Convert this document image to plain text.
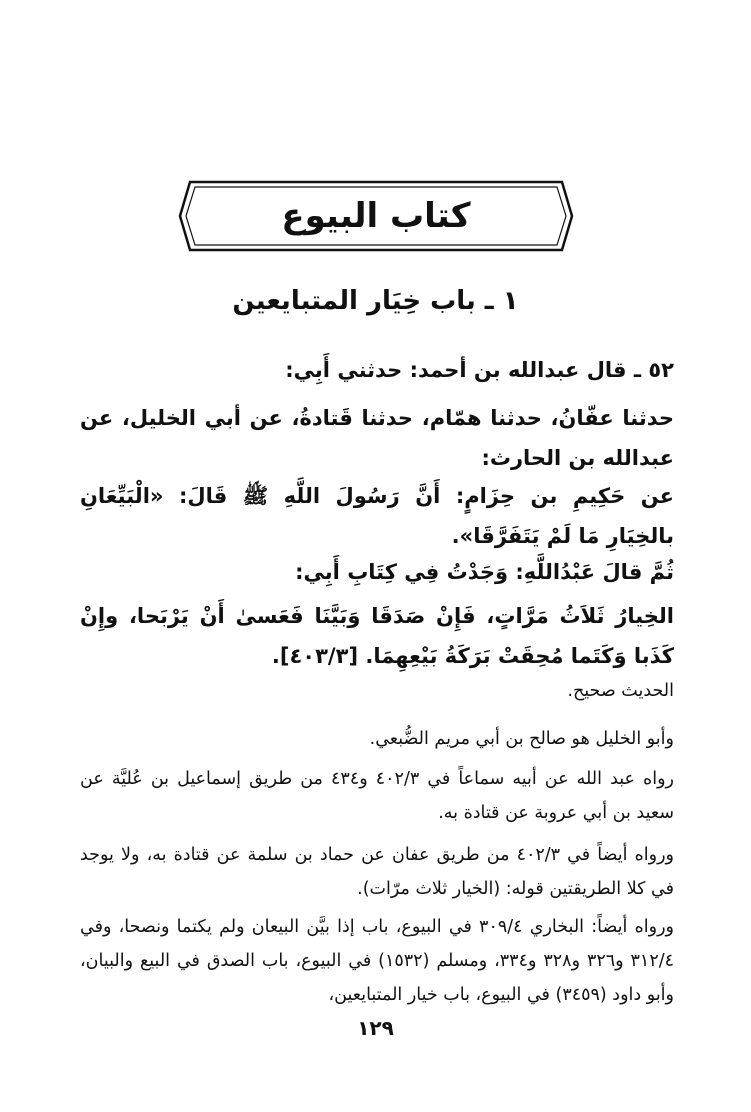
كتاب البيوع
١ ـ باب خِيَار المتبايعين
٥٢ ـ قال عبدالله بن أحمد: حدثني أَبِي:
حدثنا عفّانُ، حدثنا همّام، حدثنا قَتادةُ، عن أبي الخليل، عن عبدالله بن الحارث:
عن حَكِيمِ بن حِزَامٍ: أَنَّ رَسُولَ اللَّهِ ﷺ قَالَ: «الْبَيِّعَانِ بالخِيَارِ مَا لَمْ يَتَفَرَّقَا».
ثُمَّ قالَ عَبْدُاللَّهِ: وَجَدْتُ فِي كِتَابِ أَبِي:
الخِيارُ ثَلاَثُ مَرَّاتٍ، فَإِنْ صَدَقَا وَبَيَّنَا فَعَسىٰ أَنْ يَرْبَحا، وإِنْ كَذَبا وَكَتَما مُحِقَتْ بَرَكَةُ بَيْعِهِمَا. [٤٠٣/٣].
الحديث صحيح.
وأبو الخليل هو صالح بن أبي مريم الضُّبعي.
رواه عبد الله عن أبيه سماعاً في ٤٠٢/٣ و٤٣٤ من طريق إسماعيل بن عُليَّة عن سعيد بن أبي عروبة عن قتادة به.
ورواه أيضاً في ٤٠٢/٣ من طريق عفان عن حماد بن سلمة عن قتادة به، ولا يوجد في كلا الطريقتين قوله: (الخيار ثلاث مرّات).
ورواه أيضاً: البخاري ٣٠٩/٤ في البيوع، باب إذا بيَّن البيعان ولم يكتما ونصحا، وفي ٣١٢/٤ و٣٢٦ و٣٢٨ و٣٣٤، ومسلم (١٥٣٢) في البيوع، باب الصدق في البيع والبيان، وأبو داود (٣٤٥٩) في البيوع، باب خيار المتبايعين،
١٢٩
